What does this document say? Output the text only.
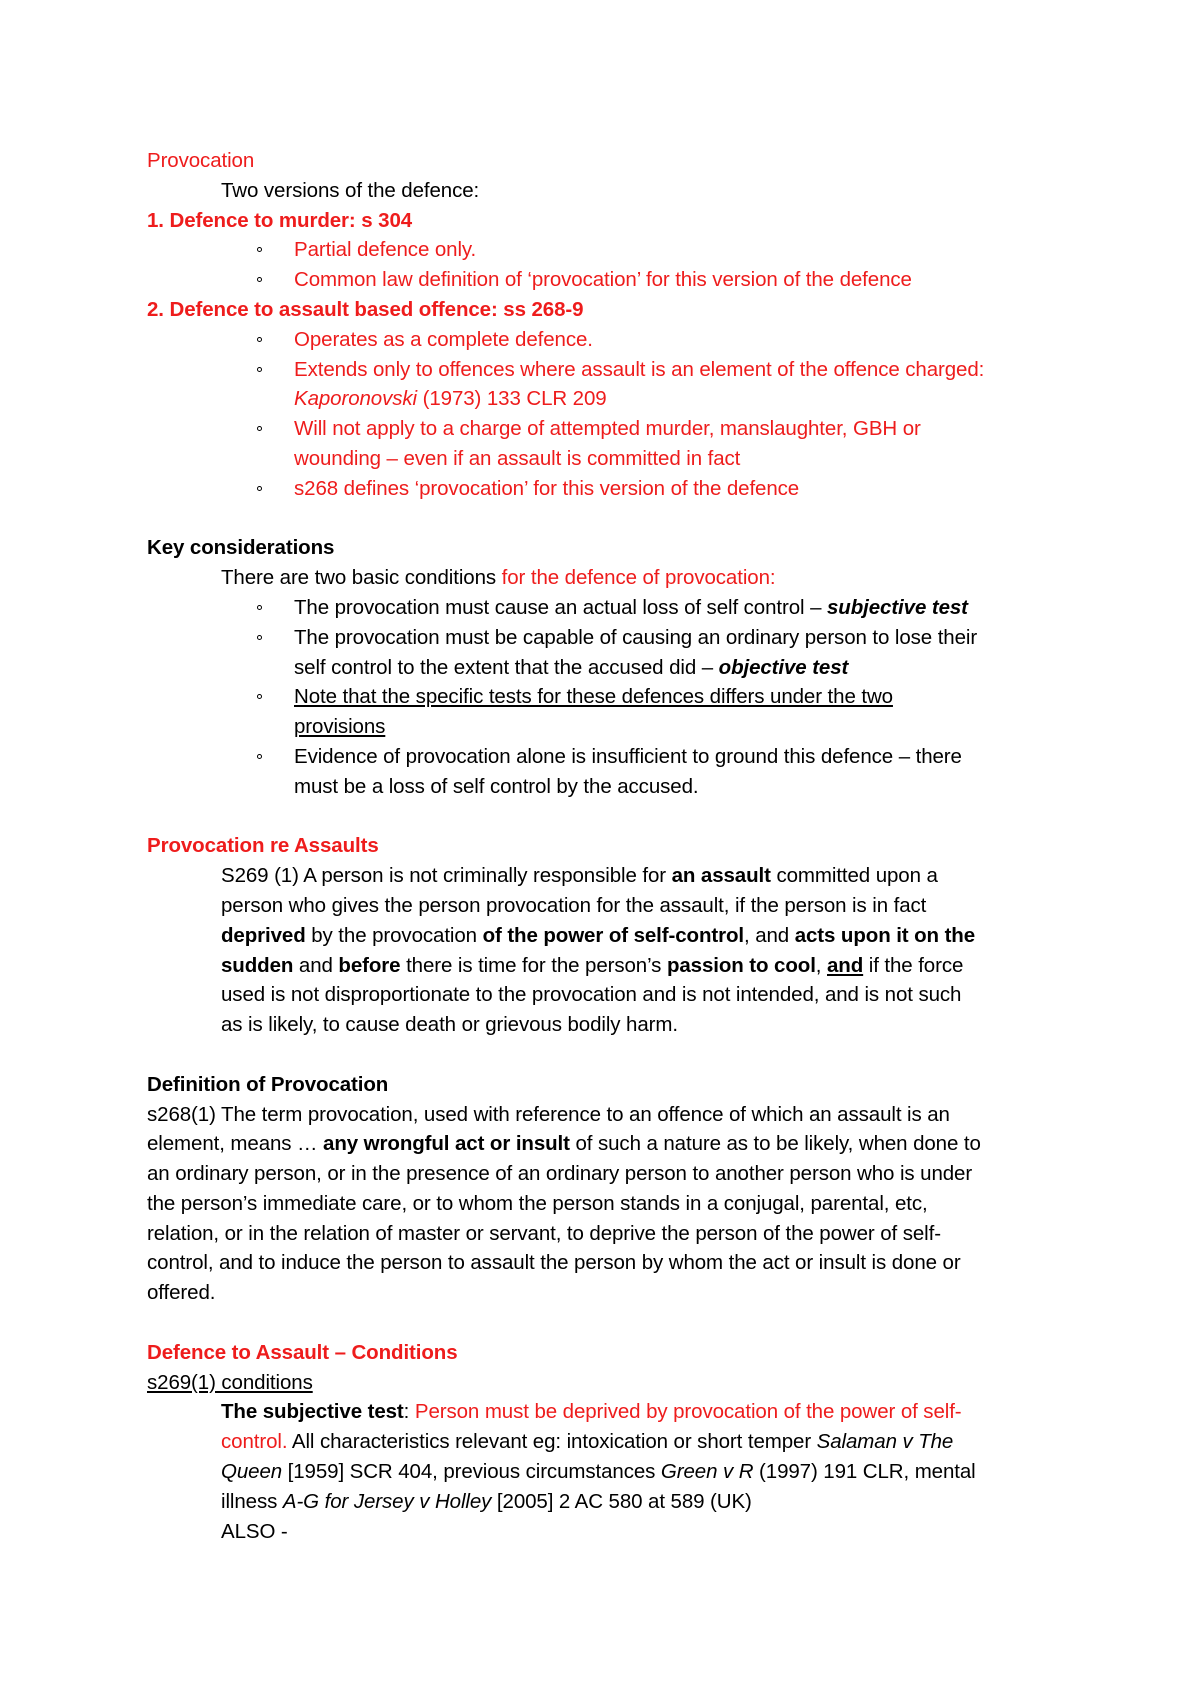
Provocation
Two versions of the defence:
1. Defence to murder: s 304
Partial defence only.
Common law definition of ‘provocation’ for this version of the defence
2. Defence to assault based offence: ss 268-9
Operates as a complete defence.
Extends only to offences where assault is an element of the offence charged:
Kaporonovski (1973) 133 CLR 209
Will not apply to a charge of attempted murder, manslaughter, GBH or
wounding – even if an assault is committed in fact
s268 defines ‘provocation’ for this version of the defence
Key considerations
There are two basic conditions for the defence of provocation:
The provocation must cause an actual loss of self control – subjective test
The provocation must be capable of causing an ordinary person to lose their
self control to the extent that the accused did – objective test
Note that the specific tests for these defences differs under the two
provisions
Evidence of provocation alone is insufficient to ground this defence – there
must be a loss of self control by the accused.
Provocation re Assaults
S269 (1) A person is not criminally responsible for an assault committed upon a
person who gives the person provocation for the assault, if the person is in fact
deprived by the provocation of the power of self-control, and acts upon it on the
sudden and before there is time for the person’s passion to cool, and if the force
used is not disproportionate to the provocation and is not intended, and is not such
as is likely, to cause death or grievous bodily harm.
Definition of Provocation
s268(1) The term provocation, used with reference to an offence of which an assault is an
element, means … any wrongful act or insult of such a nature as to be likely, when done to
an ordinary person, or in the presence of an ordinary person to another person who is under
the person’s immediate care, or to whom the person stands in a conjugal, parental, etc,
relation, or in the relation of master or servant, to deprive the person of the power of self-
control, and to induce the person to assault the person by whom the act or insult is done or
offered.
Defence to Assault – Conditions
s269(1) conditions
The subjective test: Person must be deprived by provocation of the power of self-
control. All characteristics relevant eg: intoxication or short temper Salaman v The
Queen [1959] SCR 404, previous circumstances Green v R (1997) 191 CLR, mental
illness A-G for Jersey v Holley [2005] 2 AC 580 at 589 (UK)
ALSO -
